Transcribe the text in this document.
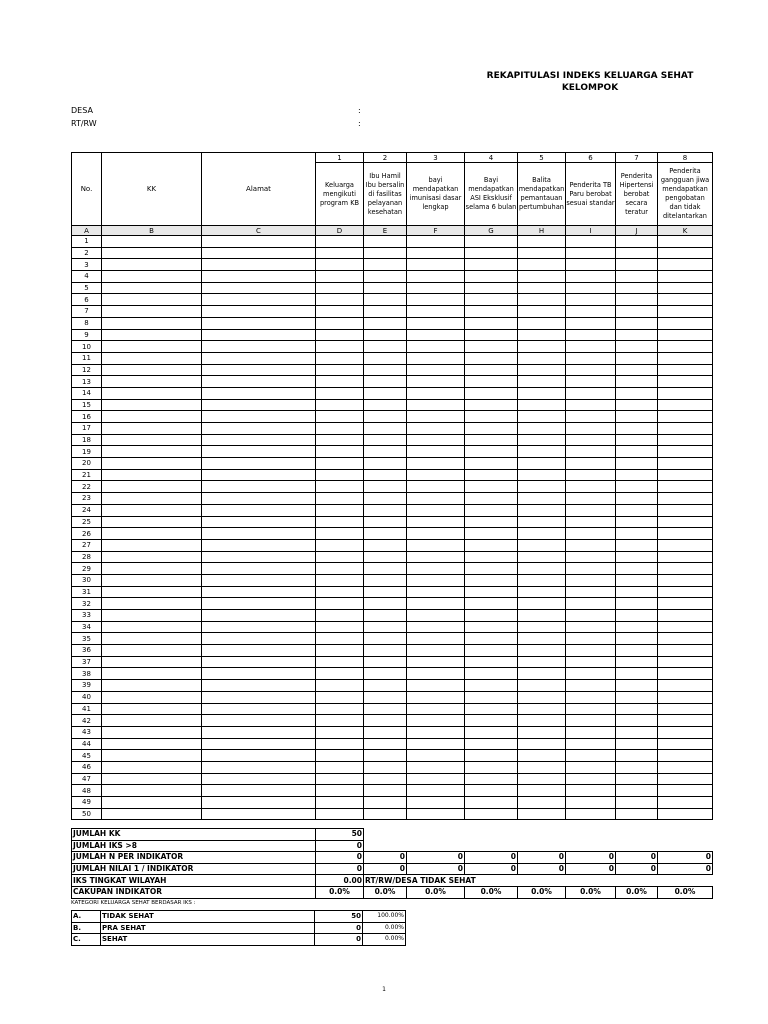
REKAPITULASI INDEKS KELUARGA SEHAT
KELOMPOK
DESA	:
RT/RW	:
No.	KK	Alamat	1	2	3	4	5	6	7	8
			Keluarga mengikuti program KB	Ibu Hamil Ibu bersalin di fasilitas pelayanan kesehatan	bayi mendapatkan imunisasi dasar lengkap	Bayi mendapatkan ASI Eksklusif selama 6 bulan	Balita mendapatkan pemantauan pertumbuhan	Penderita TB Paru berobat sesuai standar	Penderita Hipertensi berobat secara teratur	Penderita gangguan jiwa mendapatkan pengobatan dan tidak ditelantarkan
A	B	C	D	E	F	G	H	I	J	K
1										
2										
3										
4										
5										
6										
7										
8										
9										
10										
11										
12										
13										
14										
15										
16										
17										
18										
19										
20										
21										
22										
23										
24										
25										
26										
27										
28										
29										
30										
31										
32										
33										
34										
35										
36										
37										
38										
39										
40										
41										
42										
43										
44										
45										
46										
47										
48										
49										
50										
JUMLAH KK	50							
JUMLAH IKS >8	0							
JUMLAH N PER INDIKATOR	0	0	0	0	0	0	0	0
JUMLAH NILAI 1 / INDIKATOR	0	0	0	0	0	0	0	0
IKS TINGKAT WILAYAH	0.00	RT/RW/DESA TIDAK SEHAT						
CAKUPAN INDIKATOR	0.0%	0.0%	0.0%	0.0%	0.0%	0.0%	0.0%	0.0%
KATEGORI KELUARGA SEHAT BERDASAR IKS :
A.	TIDAK SEHAT	50	100.00%
B.	PRA SEHAT	0	0.00%
C.	SEHAT	0	0.00%
1
